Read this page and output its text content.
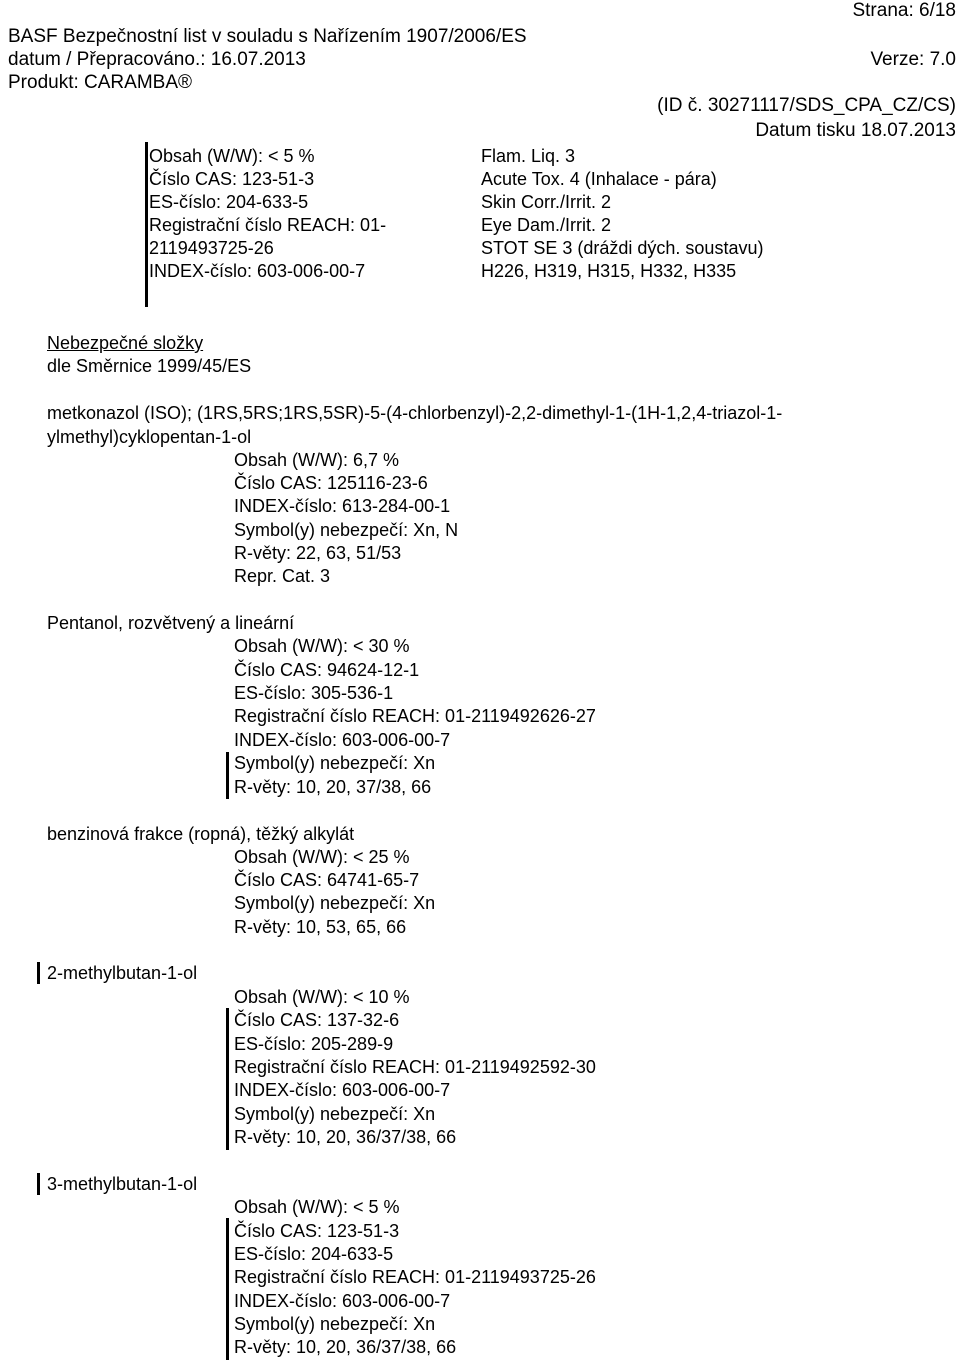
Strana: 6/18
BASF Bezpečnostní list v souladu s Nařízením 1907/2006/ES
datum / Přepracováno.: 16.07.2013	Verze: 7.0
Produkt: CARAMBA®
(ID č. 30271117/SDS_CPA_CZ/CS)
Datum tisku 18.07.2013
Obsah (W/W): < 5 %
Číslo CAS: 123-51-3
ES-číslo: 204-633-5
Registrační číslo REACH: 01-
2119493725-26
INDEX-číslo: 603-006-00-7
Flam. Liq. 3
Acute Tox. 4 (Inhalace - pára)
Skin Corr./Irrit. 2
Eye Dam./Irrit. 2
STOT SE 3 (dráždi dých. soustavu)
H226, H319, H315, H332, H335
Nebezpečné složky
dle Směrnice 1999/45/ES
metkonazol (ISO); (1RS,5RS;1RS,5SR)-5-(4-chlorbenzyl)-2,2-dimethyl-1-(1H-1,2,4-triazol-1-
ylmethyl)cyklopentan-1-ol
Obsah (W/W): 6,7 %
Číslo CAS: 125116-23-6
INDEX-číslo: 613-284-00-1
Symbol(y) nebezpečí: Xn, N
R-věty: 22, 63, 51/53
Repr. Cat. 3
Pentanol, rozvětvený a lineární
Obsah (W/W): < 30 %
Číslo CAS: 94624-12-1
ES-číslo: 305-536-1
Registrační číslo REACH: 01-2119492626-27
INDEX-číslo: 603-006-00-7
Symbol(y) nebezpečí: Xn
R-věty: 10, 20, 37/38, 66
benzinová frakce (ropná), těžký alkylát
Obsah (W/W): < 25 %
Číslo CAS: 64741-65-7
Symbol(y) nebezpečí: Xn
R-věty: 10, 53, 65, 66
2-methylbutan-1-ol
Obsah (W/W): < 10 %
Číslo CAS: 137-32-6
ES-číslo: 205-289-9
Registrační číslo REACH: 01-2119492592-30
INDEX-číslo: 603-006-00-7
Symbol(y) nebezpečí: Xn
R-věty: 10, 20, 36/37/38, 66
3-methylbutan-1-ol
Obsah (W/W): < 5 %
Číslo CAS: 123-51-3
ES-číslo: 204-633-5
Registrační číslo REACH: 01-2119493725-26
INDEX-číslo: 603-006-00-7
Symbol(y) nebezpečí: Xn
R-věty: 10, 20, 36/37/38, 66
